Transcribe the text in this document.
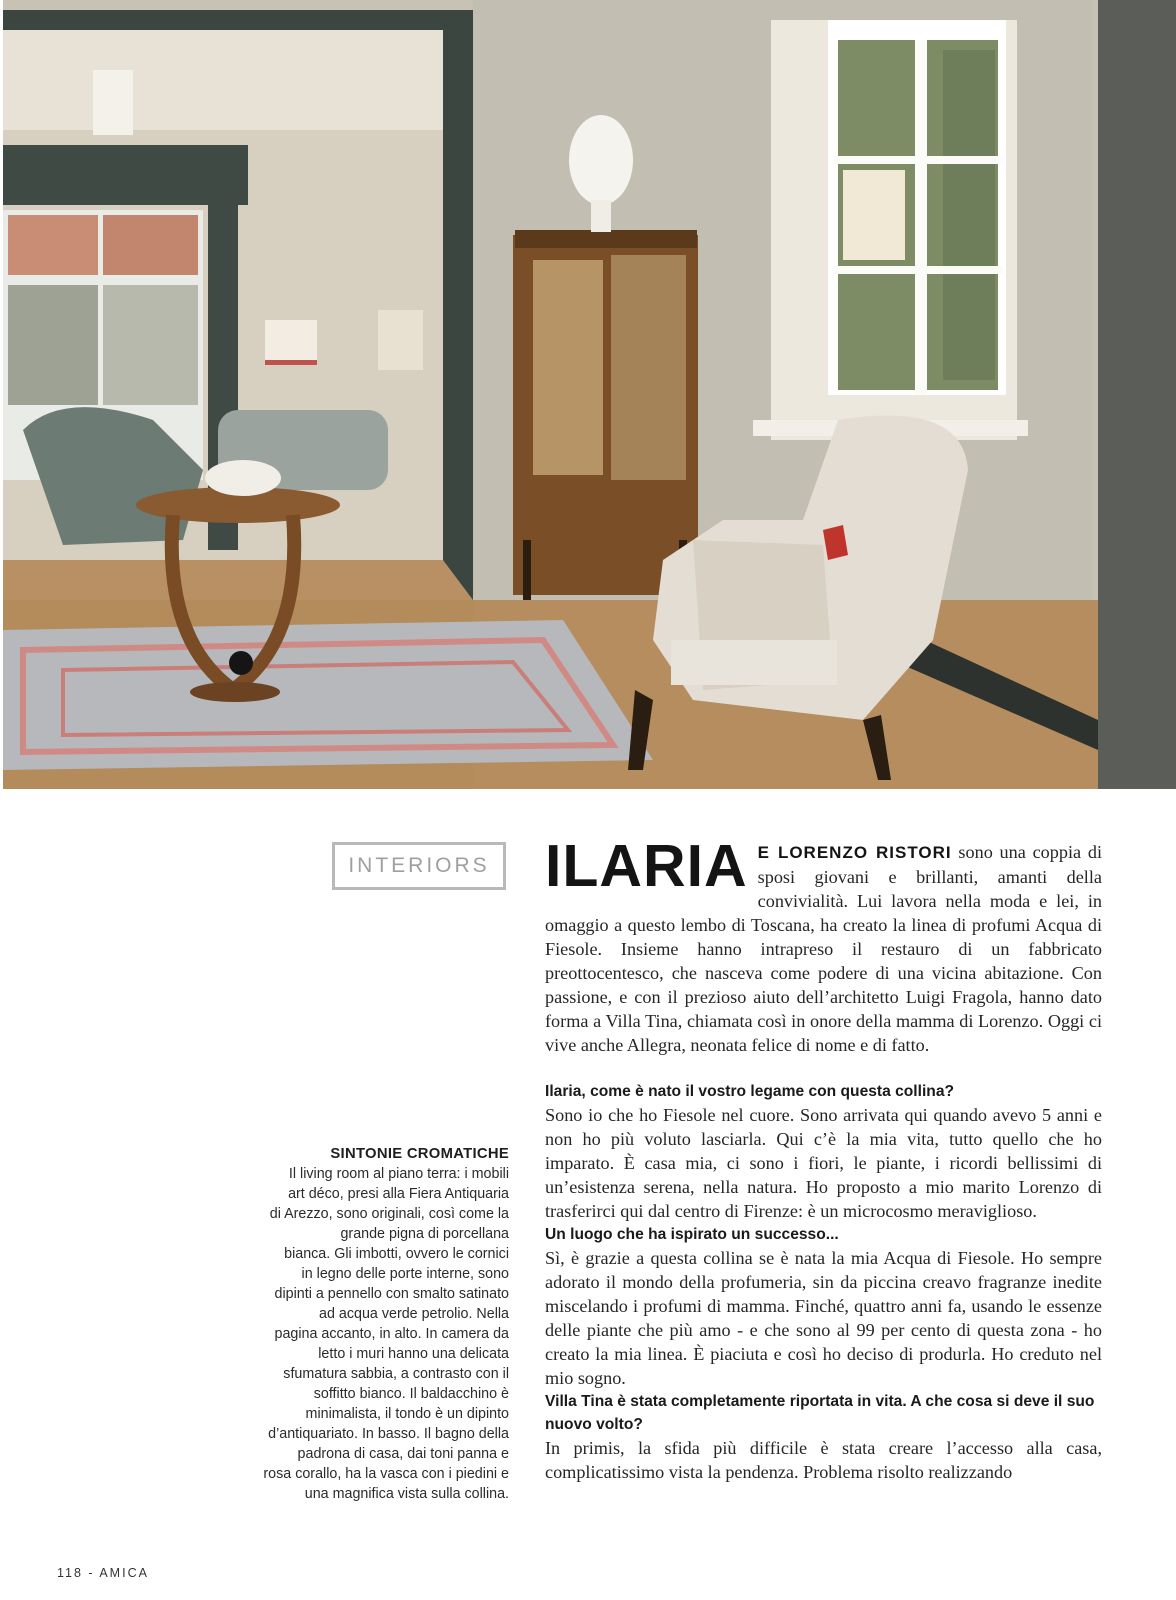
INTERIORS
SINTONIE CROMATICHE
Il living room al piano terra: i mobili
art déco, presi alla Fiera Antiquaria
di Arezzo, sono originali, così come la
grande pigna di porcellana
bianca. Gli imbotti, ovvero le cornici
in legno delle porte interne, sono
dipinti a pennello con smalto satinato
ad acqua verde petrolio. Nella
pagina accanto, in alto. In camera da
letto i muri hanno una delicata
sfumatura sabbia, a contrasto con il
soffitto bianco. Il baldacchino è
minimalista, il tondo è un dipinto
d’antiquariato. In basso. Il bagno della
padrona di casa, dai toni panna e
rosa corallo, ha la vasca con i piedini e
una magnifica vista sulla collina.

ILARIA E LORENZO RISTORI sono una coppia di sposi giovani e brillanti, amanti della convivialità. Lui lavora nella moda e lei, in omaggio a questo lembo di Toscana, ha creato la linea di profumi Acqua di Fiesole. Insieme hanno intrapreso il restauro di un fabbricato preottocentesco, che nasceva come podere di una vicina abitazione. Con passione, e con il prezioso aiuto dell’architetto Luigi Fragola, hanno dato forma a Villa Tina, chiamata così in onore della mamma di Lorenzo. Oggi ci vive anche Allegra, neonata felice di nome e di fatto.

Ilaria, come è nato il vostro legame con questa collina?

Sono io che ho Fiesole nel cuore. Sono arrivata qui quando avevo 5 anni e non ho più voluto lasciarla. Qui c’è la mia vita, tutto quello che ho imparato. È casa mia, ci sono i fiori, le piante, i ricordi bellissimi di un’esistenza serena, nella natura. Ho proposto a mio marito Lorenzo di trasferirci qui dal centro di Firenze: è un microcosmo meraviglioso.

Un luogo che ha ispirato un successo...

Sì, è grazie a questa collina se è nata la mia Acqua di Fiesole. Ho sempre adorato il mondo della profumeria, sin da piccina creavo fragranze inedite miscelando i profumi di mamma. Finché, quattro anni fa, usando le essenze delle piante che più amo - e che sono al 99 per cento di questa zona - ho creato la mia linea. È piaciuta e così ho deciso di produrla. Ho creduto nel mio sogno.

Villa Tina è stata completamente riportata in vita. A che cosa si deve il suo nuovo volto?

In primis, la sfida più difficile è stata creare l’accesso alla casa, complicatissimo vista la pendenza. Problema risolto realizzando

118 - AMICA
